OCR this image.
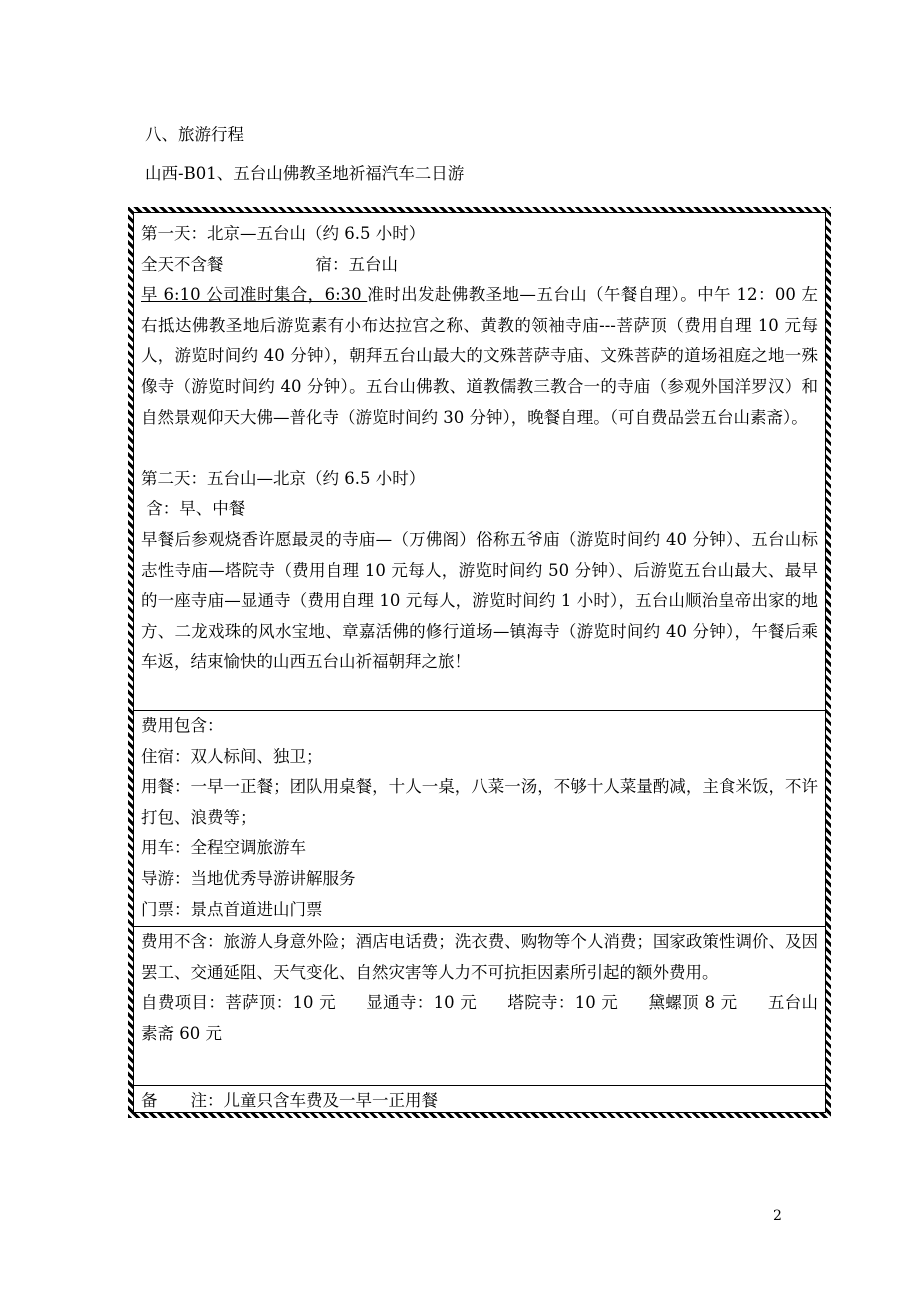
八、旅游行程
山西-B01、五台山佛教圣地祈福汽车二日游
第一天：北京—五台山（约 6.5 小时）
全天不含餐	宿：五台山
早 6:10 公司准时集合，6:30 准时出发赴佛教圣地—五台山（午餐自理）。中午 12：00 左右抵达佛教圣地后游览素有小布达拉宫之称、黄教的领袖寺庙---菩萨顶（费用自理 10 元每人，游览时间约 40 分钟），朝拜五台山最大的文殊菩萨寺庙、文殊菩萨的道场祖庭之地一殊像寺（游览时间约 40 分钟）。五台山佛教、道教儒教三教合一的寺庙（参观外国洋罗汉）和自然景观仰天大佛—普化寺（游览时间约 30 分钟），晚餐自理。（可自费品尝五台山素斋）。
第二天：五台山—北京（约 6.5 小时）
含：早、中餐
早餐后参观烧香许愿最灵的寺庙—（万佛阁）俗称五爷庙（游览时间约 40 分钟）、五台山标志性寺庙—塔院寺（费用自理 10 元每人，游览时间约 50 分钟）、后游览五台山最大、最早的一座寺庙—显通寺（费用自理 10 元每人，游览时间约 1 小时），五台山顺治皇帝出家的地方、二龙戏珠的风水宝地、章嘉活佛的修行道场—镇海寺（游览时间约 40 分钟），午餐后乘车返，结束愉快的山西五台山祈福朝拜之旅！
费用包含：
住宿：双人标间、独卫；
用餐：一早一正餐；团队用桌餐，十人一桌，八菜一汤，不够十人菜量酌减，主食米饭，不许打包、浪费等；
用车：全程空调旅游车
导游：当地优秀导游讲解服务
门票：景点首道进山门票
费用不含：旅游人身意外险；酒店电话费；洗衣费、购物等个人消费；国家政策性调价、及因罢工、交通延阻、天气变化、自然灾害等人力不可抗拒因素所引起的额外费用。
自费项目：菩萨顶：10 元 显通寺：10 元 塔院寺：10 元 黛螺顶 8 元 五台山素斋 60 元
备　　注：儿童只含车费及一早一正用餐
2
